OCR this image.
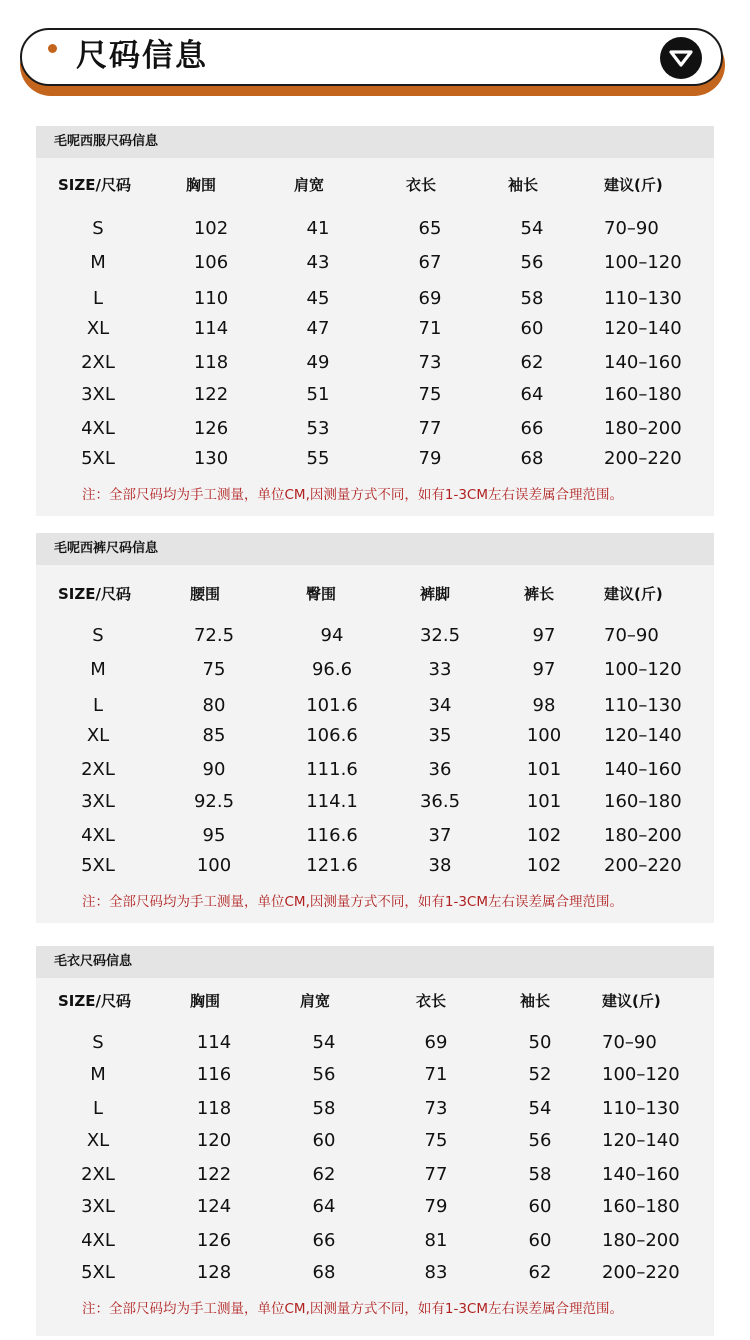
尺码信息
毛呢西服尺码信息
SIZE/尺码	胸围	肩宽	衣长	袖长	建议(斤)
S	102	41	65	54	70–90
M	106	43	67	56	100–120
L	110	45	69	58	110–130
XL	114	47	71	60	120–140
2XL	118	49	73	62	140–160
3XL	122	51	75	64	160–180
4XL	126	53	77	66	180–200
5XL	130	55	79	68	200–220
注：全部尺码均为手工测量，单位CM,因测量方式不同，如有1-3CM左右误差属合理范围。
毛呢西裤尺码信息
SIZE/尺码	腰围	臀围	裤脚	裤长	建议(斤)
S	72.5	94	32.5	97	70–90
M	75	96.6	33	97	100–120
L	80	101.6	34	98	110–130
XL	85	106.6	35	100	120–140
2XL	90	111.6	36	101	140–160
3XL	92.5	114.1	36.5	101	160–180
4XL	95	116.6	37	102	180–200
5XL	100	121.6	38	102	200–220
注：全部尺码均为手工测量，单位CM,因测量方式不同，如有1-3CM左右误差属合理范围。
毛衣尺码信息
SIZE/尺码	胸围	肩宽	衣长	袖长	建议(斤)
S	114	54	69	50	70–90
M	116	56	71	52	100–120
L	118	58	73	54	110–130
XL	120	60	75	56	120–140
2XL	122	62	77	58	140–160
3XL	124	64	79	60	160–180
4XL	126	66	81	60	180–200
5XL	128	68	83	62	200–220
注：全部尺码均为手工测量，单位CM,因测量方式不同，如有1-3CM左右误差属合理范围。
